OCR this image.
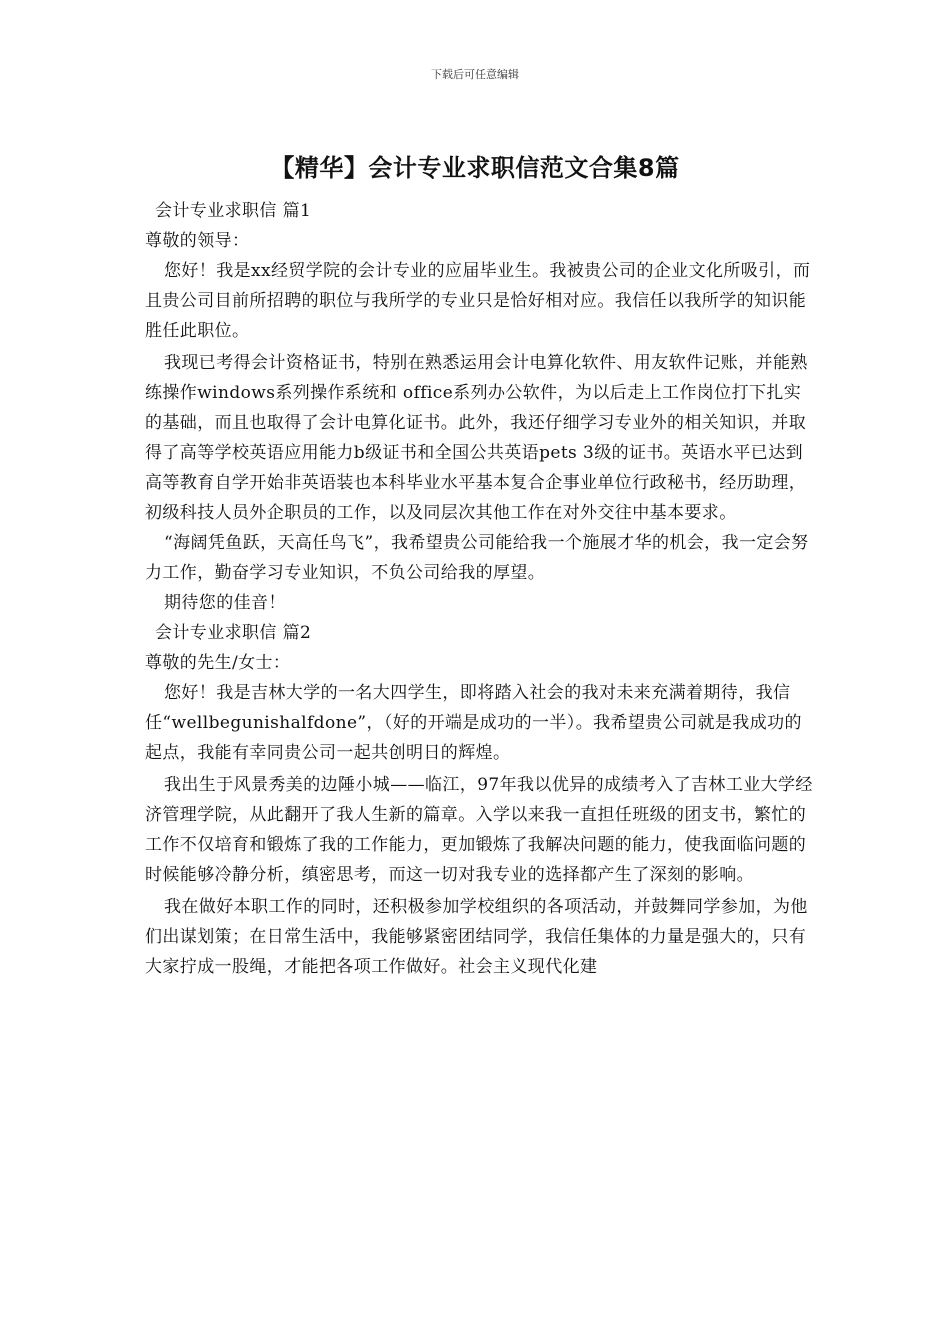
下载后可任意编辑
【精华】会计专业求职信范文合集8篇

会计专业求职信 篇1

尊敬的领导：

您好！我是xx经贸学院的会计专业的应届毕业生。我被贵公司的企业文化所吸引，而且贵公司目前所招聘的职位与我所学的专业只是恰好相对应。我信任以我所学的知识能胜任此职位。

我现已考得会计资格证书，特别在熟悉运用会计电算化软件、用友软件记账，并能熟练操作windows系列操作系统和 office系列办公软件，为以后走上工作岗位打下扎实的基础，而且也取得了会计电算化证书。此外，我还仔细学习专业外的相关知识，并取得了高等学校英语应用能力b级证书和全国公共英语pets 3级的证书。英语水平已达到高等教育自学开始非英语装也本科毕业水平基本复合企事业单位行政秘书，经历助理，初级科技人员外企职员的工作，以及同层次其他工作在对外交往中基本要求。

“海阔凭鱼跃，天高任鸟飞”，我希望贵公司能给我一个施展才华的机会，我一定会努力工作，勤奋学习专业知识，不负公司给我的厚望。

期待您的佳音！

会计专业求职信 篇2

尊敬的先生/女士：

您好！我是吉林大学的一名大四学生，即将踏入社会的我对未来充满着期待，我信任“wellbegunishalfdone”，（好的开端是成功的一半）。我希望贵公司就是我成功的起点，我能有幸同贵公司一起共创明日的辉煌。

我出生于风景秀美的边陲小城——临江，97年我以优异的成绩考入了吉林工业大学经济管理学院，从此翻开了我人生新的篇章。入学以来我一直担任班级的团支书，繁忙的工作不仅培育和锻炼了我的工作能力，更加锻炼了我解决问题的能力，使我面临问题的时候能够冷静分析，缜密思考，而这一切对我专业的选择都产生了深刻的影响。

我在做好本职工作的同时，还积极参加学校组织的各项活动，并鼓舞同学参加，为他们出谋划策；在日常生活中，我能够紧密团结同学，我信任集体的力量是强大的，只有大家拧成一股绳，才能把各项工作做好。社会主义现代化建
